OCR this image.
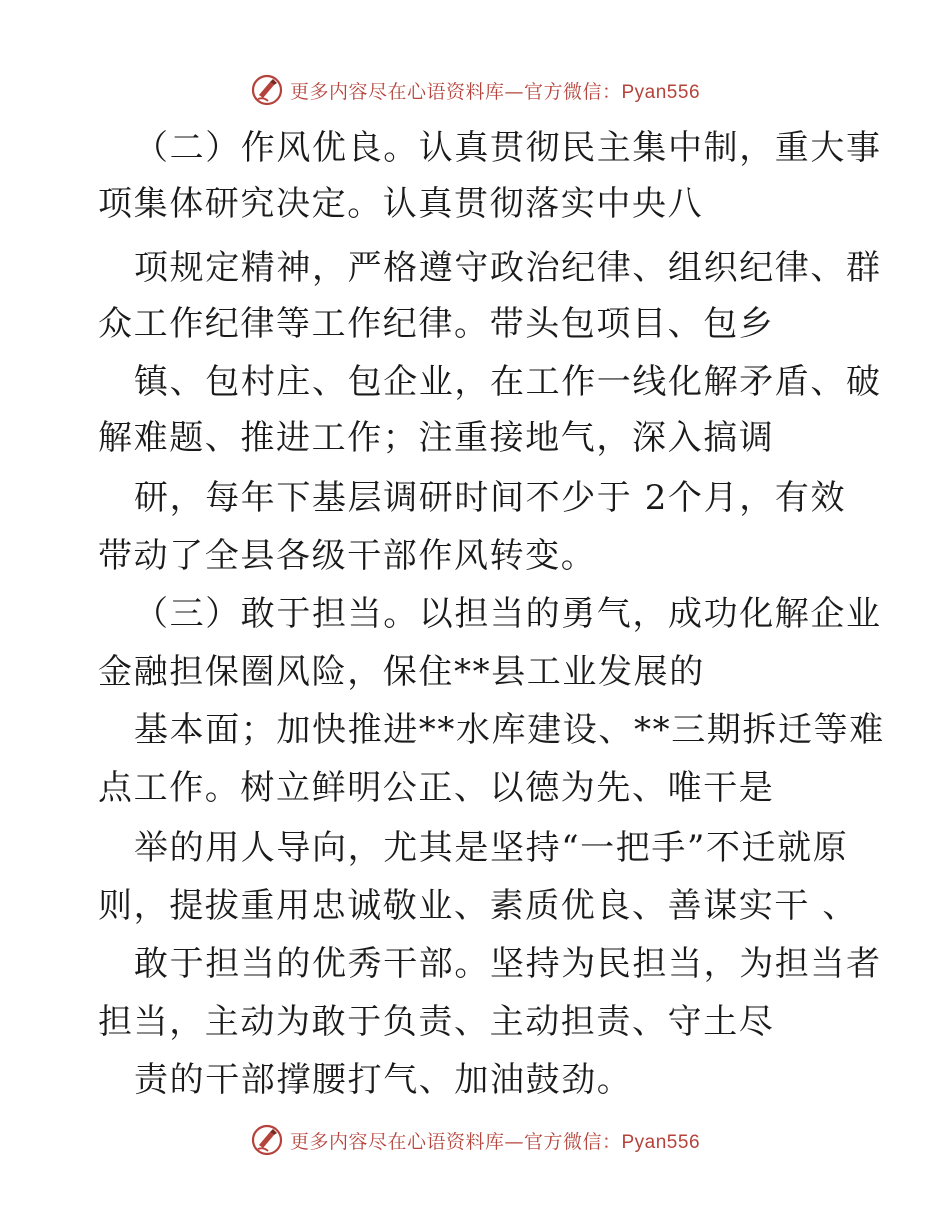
更多内容尽在心语资料库—官方微信：Pyan556
（二）作风优良。认真贯彻民主集中制，重大事
项集体研究决定。认真贯彻落实中央八
项规定精神，严格遵守政治纪律、组织纪律、群
众工作纪律等工作纪律。带头包项目、包乡
镇、包村庄、包企业，在工作一线化解矛盾、破
解难题、推进工作；注重接地气，深入搞调
研，每年下基层调研时间不少于 2个月，有效
带动了全县各级干部作风转变。
（三）敢于担当。以担当的勇气，成功化解企业
金融担保圈风险，保住**县工业发展的
基本面；加快推进**水库建设、**三期拆迁等难
点工作。树立鲜明公正、以德为先、唯干是
举的用人导向，尤其是坚持“一把手”不迁就原
则，提拔重用忠诚敬业、素质优良、善谋实干 、
敢于担当的优秀干部。坚持为民担当，为担当者
担当，主动为敢于负责、主动担责、守土尽
责的干部撑腰打气、加油鼓劲。
更多内容尽在心语资料库—官方微信：Pyan556
